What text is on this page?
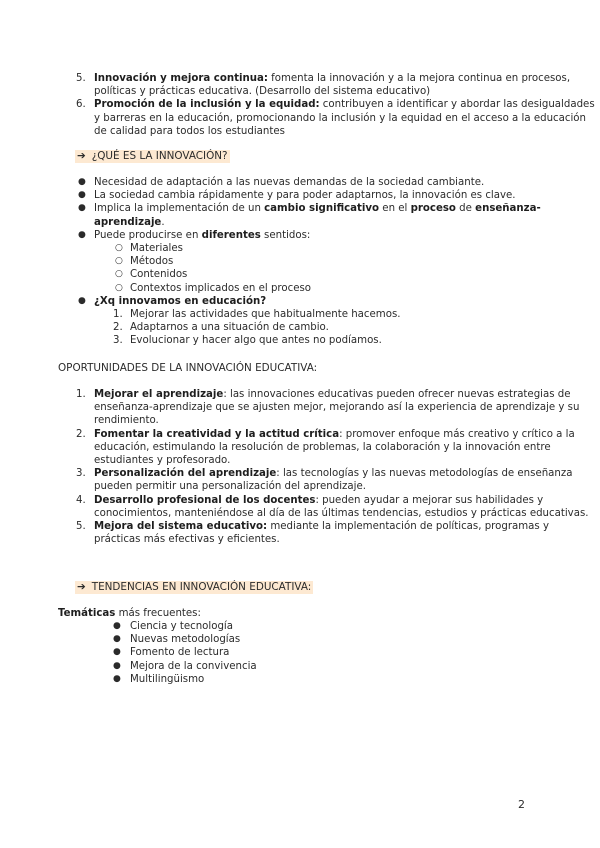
5. Innovación y mejora continua: fomenta la innovación y a la mejora continua en procesos, políticas y prácticas educativa. (Desarrollo del sistema educativo)
6. Promoción de la inclusión y la equidad: contribuyen a identificar y abordar las desigualdades y barreras en la educación, promocionando la inclusión y la equidad en el acceso a la educación de calidad para todos los estudiantes
➔ ¿QUÉ ES LA INNOVACIÓN?
● Necesidad de adaptación a las nuevas demandas de la sociedad cambiante.
● La sociedad cambia rápidamente y para poder adaptarnos, la innovación es clave.
● Implica la implementación de un cambio significativo en el proceso de enseñanza-aprendizaje.
● Puede producirse en diferentes sentidos:
○ Materiales
○ Métodos
○ Contenidos
○ Contextos implicados en el proceso
● ¿Xq innovamos en educación?
1. Mejorar las actividades que habitualmente hacemos.
2. Adaptarnos a una situación de cambio.
3. Evolucionar y hacer algo que antes no podíamos.
OPORTUNIDADES DE LA INNOVACIÓN EDUCATIVA:
1. Mejorar el aprendizaje: las innovaciones educativas pueden ofrecer nuevas estrategias de enseñanza-aprendizaje que se ajusten mejor, mejorando así la experiencia de aprendizaje y su rendimiento.
2. Fomentar la creatividad y la actitud crítica: promover enfoque más creativo y crítico a la educación, estimulando la resolución de problemas, la colaboración y la innovación entre estudiantes y profesorado.
3. Personalización del aprendizaje: las tecnologías y las nuevas metodologías de enseñanza pueden permitir una personalización del aprendizaje.
4. Desarrollo profesional de los docentes: pueden ayudar a mejorar sus habilidades y conocimientos, manteniéndose al día de las últimas tendencias, estudios y prácticas educativas.
5. Mejora del sistema educativo: mediante la implementación de políticas, programas y prácticas más efectivas y eficientes.
➔ TENDENCIAS EN INNOVACIÓN EDUCATIVA:
Temáticas más frecuentes:
● Ciencia y tecnología
● Nuevas metodologías
● Fomento de lectura
● Mejora de la convivencia
● Multilingüismo
2
